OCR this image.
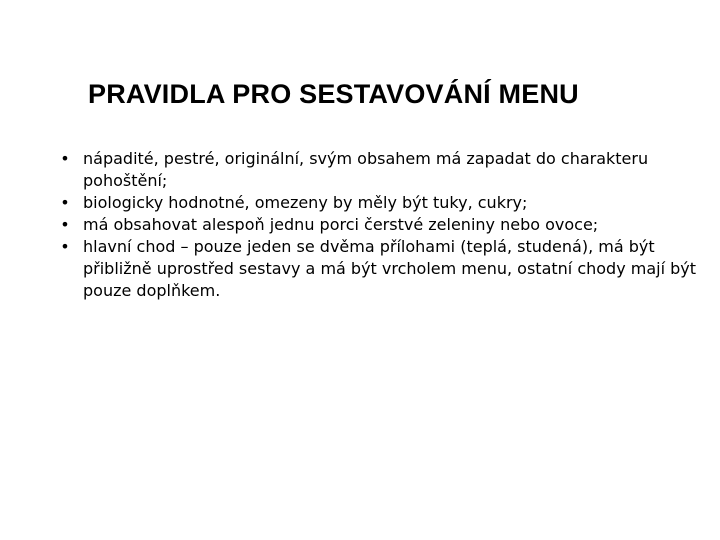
PRAVIDLA PRO SESTAVOVÁNÍ MENU
• nápadité, pestré, originální, svým obsahem má zapadat do charakteru pohoštění;
• biologicky hodnotné, omezeny by měly být tuky, cukry;
• má obsahovat alespoň jednu porci čerstvé zeleniny nebo ovoce;
• hlavní chod – pouze jeden se dvěma přílohami (teplá, studená), má být přibližně uprostřed sestavy a má být vrcholem menu, ostatní chody mají být pouze doplňkem.
